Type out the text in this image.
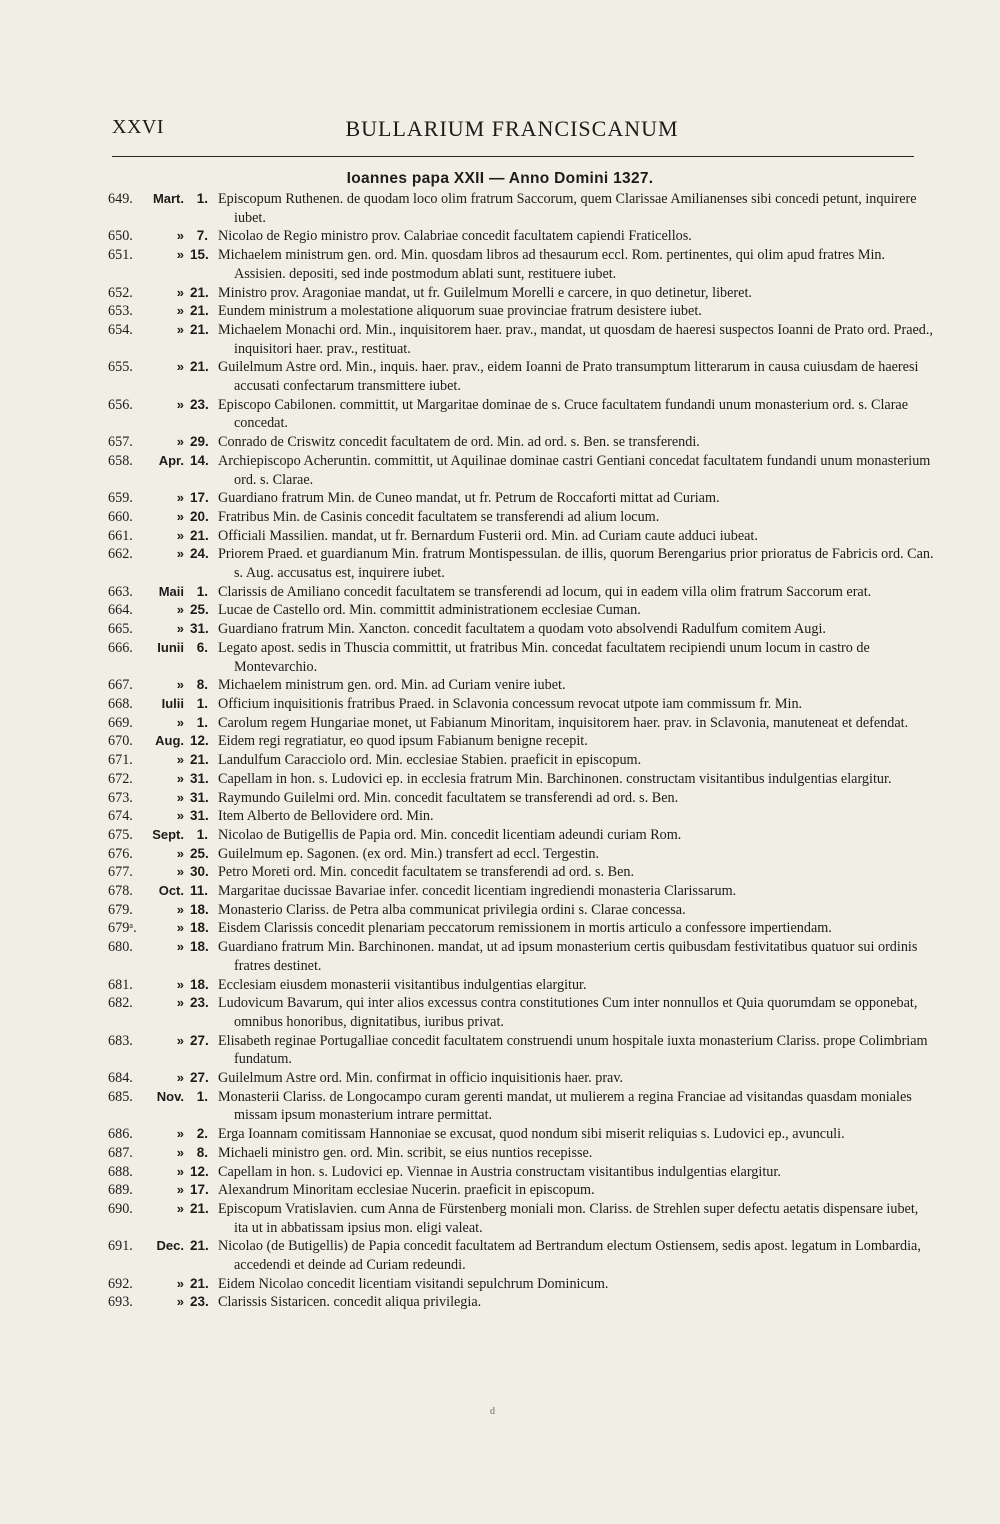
XXVI	BULLARIUM FRANCISCANUM
Ioannes papa XXII — Anno Domini 1327.
649.	Mart. 1. Episcopum Ruthenen. de quodam loco olim fratrum Saccorum, quem Clarissae Amilianenses sibi concedi petunt, inquirere iubet.
650.	» 7. Nicolao de Regio ministro prov. Calabriae concedit facultatem capiendi Fraticellos.
651.	» 15. Michaelem ministrum gen. ord. Min. quosdam libros ad thesaurum eccl. Rom. pertinentes, qui olim apud fratres Min. Assisien. depositi, sed inde postmodum ablati sunt, restituere iubet.
652.	» 21. Ministro prov. Aragoniae mandat, ut fr. Guilelmum Morelli e carcere, in quo detinetur, liberet.
653.	» 21. Eundem ministrum a molestatione aliquorum suae provinciae fratrum desistere iubet.
654.	» 21. Michaelem Monachi ord. Min., inquisitorem haer. prav., mandat, ut quosdam de haeresi suspectos Ioanni de Prato ord. Praed., inquisitori haer. prav., restituat.
655.	» 21. Guilelmum Astre ord. Min., inquis. haer. prav., eidem Ioanni de Prato transumptum litterarum in causa cuiusdam de haeresi accusati confectarum transmittere iubet.
656.	» 23. Episcopo Cabilonen. committit, ut Margaritae dominae de s. Cruce facultatem fundandi unum monasterium ord. s. Clarae concedat.
657.	» 29. Conrado de Criswitz concedit facultatem de ord. Min. ad ord. s. Ben. se transferendi.
658.	Apr. 14. Archiepiscopo Acheruntin. committit, ut Aquilinae dominae castri Gentiani concedat facultatem fundandi unum monasterium ord. s. Clarae.
659.	» 17. Guardiano fratrum Min. de Cuneo mandat, ut fr. Petrum de Roccaforti mittat ad Curiam.
660.	» 20. Fratribus Min. de Casinis concedit facultatem se transferendi ad alium locum.
661.	» 21. Officiali Massilien. mandat, ut fr. Bernardum Fusterii ord. Min. ad Curiam caute adduci iubeat.
662.	» 24. Priorem Praed. et guardianum Min. fratrum Montispessulan. de illis, quorum Berengarius prior prioratus de Fabricis ord. Can. s. Aug. accusatus est, inquirere iubet.
663.	Maii 1. Clarissis de Amiliano concedit facultatem se transferendi ad locum, qui in eadem villa olim fratrum Saccorum erat.
664.	» 25. Lucae de Castello ord. Min. committit administrationem ecclesiae Cuman.
665.	» 31. Guardiano fratrum Min. Xancton. concedit facultatem a quodam voto absolvendi Radulfum comitem Augi.
666.	Iunii 6. Legato apost. sedis in Thuscia committit, ut fratribus Min. concedat facultatem recipiendi unum locum in castro de Montevarchio.
667.	» 8. Michaelem ministrum gen. ord. Min. ad Curiam venire iubet.
668.	Iulii 1. Officium inquisitionis fratribus Praed. in Sclavonia concessum revocat utpote iam commissum fr. Min.
669.	» 1. Carolum regem Hungariae monet, ut Fabianum Minoritam, inquisitorem haer. prav. in Sclavonia, manuteneat et defendat.
670.	Aug. 12. Eidem regi regratiatur, eo quod ipsum Fabianum benigne recepit.
671.	» 21. Landulfum Caracciolo ord. Min. ecclesiae Stabien. praeficit in episcopum.
672.	» 31. Capellam in hon. s. Ludovici ep. in ecclesia fratrum Min. Barchinonen. constructam visitantibus indulgentias elargitur.
673.	» 31. Raymundo Guilelmi ord. Min. concedit facultatem se transferendi ad ord. s. Ben.
674.	» 31. Item Alberto de Bellovidere ord. Min.
675.	Sept. 1. Nicolao de Butigellis de Papia ord. Min. concedit licentiam adeundi curiam Rom.
676.	» 25. Guilelmum ep. Sagonen. (ex ord. Min.) transfert ad eccl. Tergestin.
677.	» 30. Petro Moreti ord. Min. concedit facultatem se transferendi ad ord. s. Ben.
678.	Oct. 11. Margaritae ducissae Bavariae infer. concedit licentiam ingrediendi monasteria Clarissarum.
679.	» 18. Monasterio Clariss. de Petra alba communicat privilegia ordini s. Clarae concessa.
679ᵃ.	» 18. Eisdem Clarissis concedit plenariam peccatorum remissionem in mortis articulo a confessore impertiendam.
680.	» 18. Guardiano fratrum Min. Barchinonen. mandat, ut ad ipsum monasterium certis quibusdam festivitatibus quatuor sui ordinis fratres destinet.
681.	» 18. Ecclesiam eiusdem monasterii visitantibus indulgentias elargitur.
682.	» 23. Ludovicum Bavarum, qui inter alios excessus contra constitutiones Cum inter nonnullos et Quia quorumdam se opponebat, omnibus honoribus, dignitatibus, iuribus privat.
683.	» 27. Elisabeth reginae Portugalliae concedit facultatem construendi unum hospitale iuxta monasterium Clariss. prope Colimbriam fundatum.
684.	» 27. Guilelmum Astre ord. Min. confirmat in officio inquisitionis haer. prav.
685.	Nov. 1. Monasterii Clariss. de Longocampo curam gerenti mandat, ut mulierem a regina Franciae ad visitandas quasdam moniales missam ipsum monasterium intrare permittat.
686.	» 2. Erga Ioannam comitissam Hannoniae se excusat, quod nondum sibi miserit reliquias s. Ludovici ep., avunculi.
687.	» 8. Michaeli ministro gen. ord. Min. scribit, se eius nuntios recepisse.
688.	» 12. Capellam in hon. s. Ludovici ep. Viennae in Austria constructam visitantibus indulgentias elargitur.
689.	» 17. Alexandrum Minoritam ecclesiae Nucerin. praeficit in episcopum.
690.	» 21. Episcopum Vratislavien. cum Anna de Fürstenberg moniali mon. Clariss. de Strehlen super defectu aetatis dispensare iubet, ita ut in abbatissam ipsius mon. eligi valeat.
691.	Dec. 21. Nicolao (de Butigellis) de Papia concedit facultatem ad Bertrandum electum Ostiensem, sedis apost. legatum in Lombardia, accedendi et deinde ad Curiam redeundi.
692.	» 21. Eidem Nicolao concedit licentiam visitandi sepulchrum Dominicum.
693.	» 23. Clarissis Sistaricen. concedit aliqua privilegia.
d
